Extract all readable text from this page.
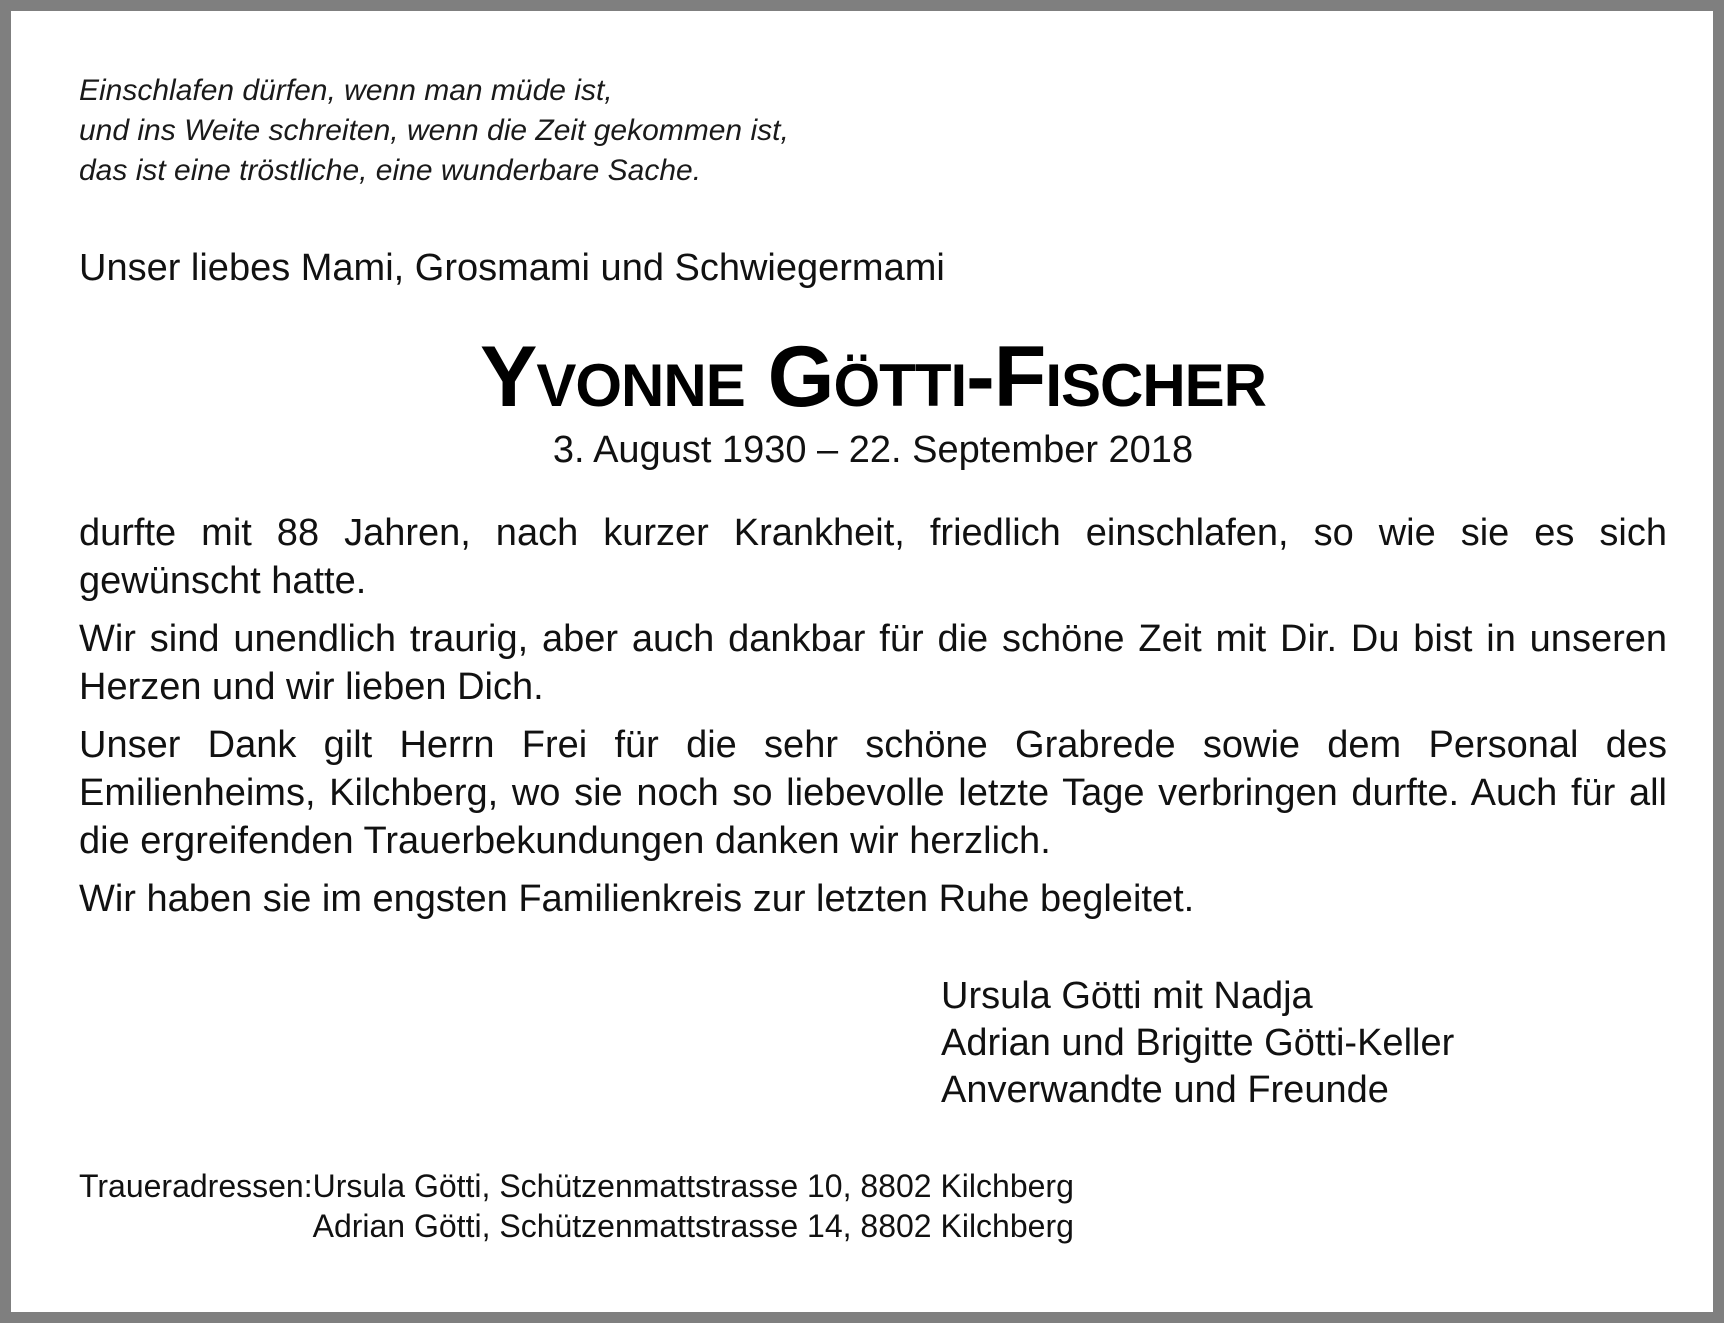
Einschlafen dürfen, wenn man müde ist,
und ins Weite schreiten, wenn die Zeit gekommen ist,
das ist eine tröstliche, eine wunderbare Sache.
Unser liebes Mami, Grosmami und Schwiegermami
Yvonne Götti-Fischer
3. August 1930 – 22. September 2018

durfte mit 88 Jahren, nach kurzer Krankheit, friedlich einschlafen, so wie sie es sich gewünscht hatte.

Wir sind unendlich traurig, aber auch dankbar für die schöne Zeit mit Dir. Du bist in unseren Herzen und wir lieben Dich.

Unser Dank gilt Herrn Frei für die sehr schöne Grabrede sowie dem Personal des Emilienheims, Kilchberg, wo sie noch so liebevolle letzte Tage verbringen durfte. Auch für all die ergreifenden Trauerbekundungen danken wir herzlich.

Wir haben sie im engsten Familienkreis zur letzten Ruhe begleitet.

Ursula Götti mit Nadja
Adrian und Brigitte Götti-Keller
Anverwandte und Freunde
Traueradressen: Ursula Götti, Schützenmattstrasse 10, 8802 Kilchberg
Adrian Götti, Schützenmattstrasse 14, 8802 Kilchberg
